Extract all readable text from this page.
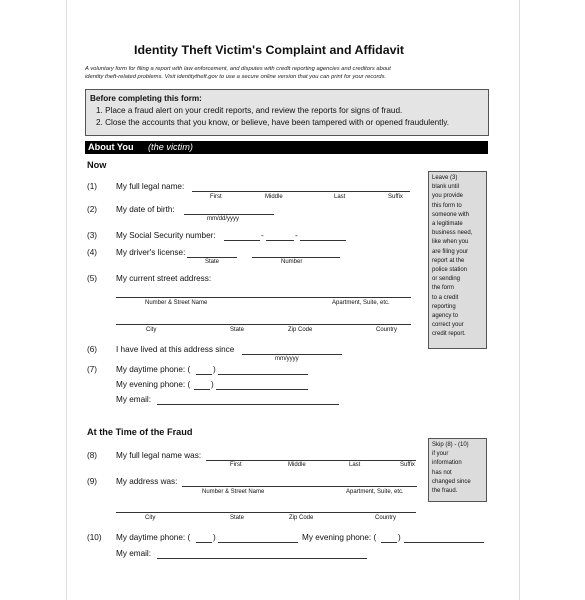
Identity Theft Victim's Complaint and Affidavit
A voluntary form for filing a report with law enforcement, and disputes with credit reporting agencies and creditors about
identity theft-related problems. Visit identitytheft.gov to use a secure online version that you can print for your records.
Before completing this form:
1. Place a fraud alert on your credit reports, and review the reports for signs of fraud.
2. Close the accounts that you know, or believe, have been tampered with or opened fraudulently.
About You (the victim)
Now
Leave (3)
blank until
you provide
this form to
someone with
a legitimate
business need,
like when you
are filing your
report at the
police station
or sending
the form
to a credit
reporting
agency to
correct your
credit report.
(1) My full legal name:
First	Middle	Last	Suffix
(2) My date of birth:
mm/dd/yyyy
(3) My Social Security number:	-	-
(4) My driver's license:
State	Number
(5) My current street address:
Number & Street Name	Apartment, Suite, etc.
City	State	Zip Code	Country
(6) I have lived at this address since
mm/yyyy
(7) My daytime phone: (	)
My evening phone: (	)
My email:
At the Time of the Fraud
Skip (8) - (10)
if your
information
has not
changed since
the fraud.
(8) My full legal name was:
First	Middle	Last	Suffix
(9) My address was:
Number & Street Name	Apartment, Suite, etc.
City	State	Zip Code	Country
(10) My daytime phone: (	)	My evening phone: (	)
My email:
